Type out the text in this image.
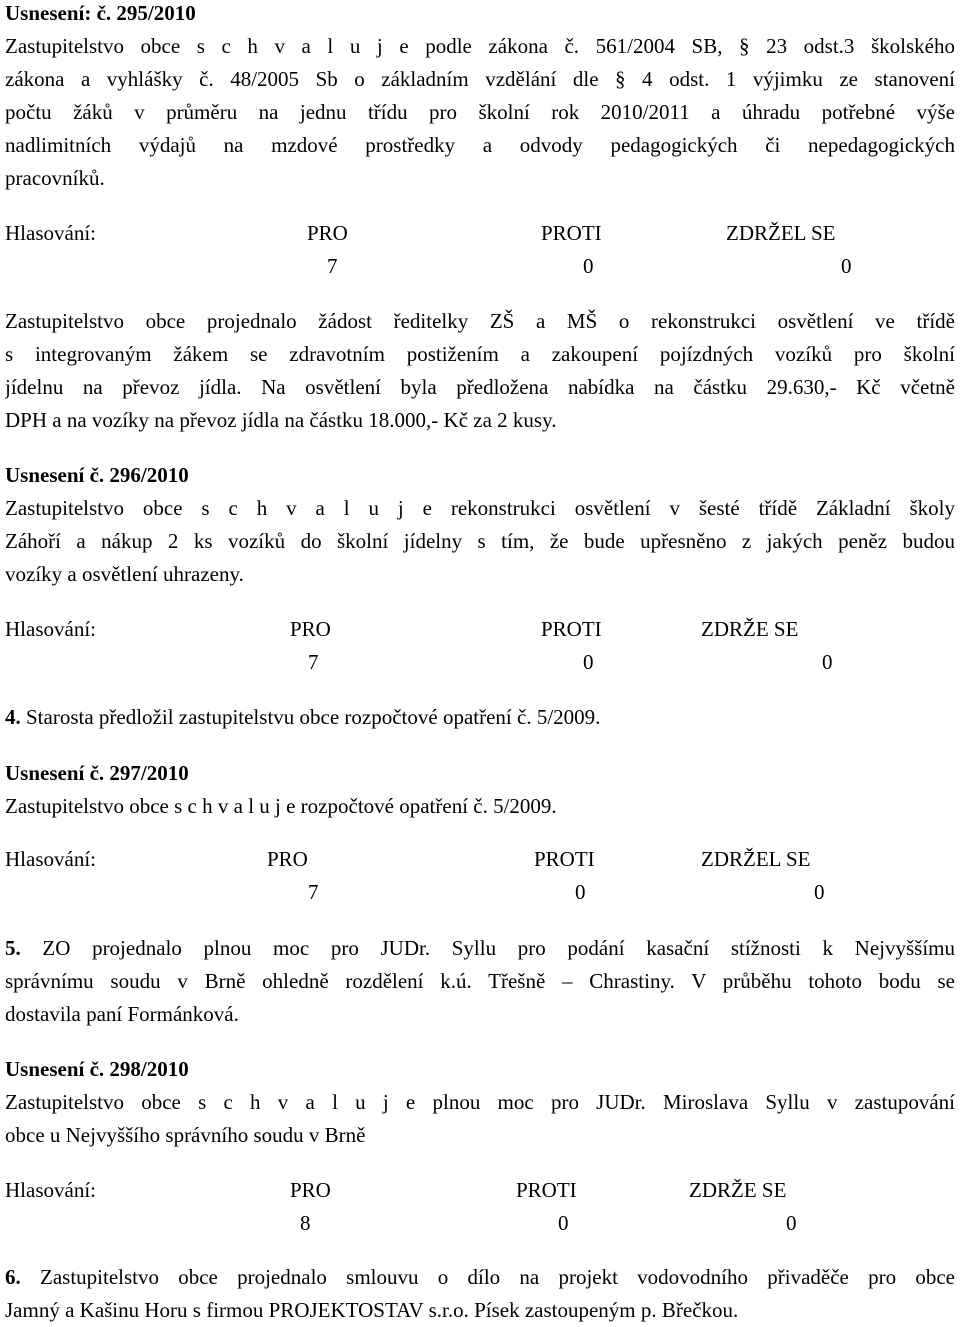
Usnesení: č. 295/2010
Zastupitelstvo obce s c h v a l u j e podle zákona č. 561/2004 SB, § 23 odst.3 školského
zákona a vyhlášky č. 48/2005 Sb o základním vzdělání dle § 4 odst. 1 výjimku ze stanovení
počtu žáků v průměru na jednu třídu pro školní rok 2010/2011 a úhradu potřebné výše
nadlimitních výdajů na mzdové prostředky a odvody pedagogických či nepedagogických
pracovníků.
Hlasování:	PRO	PROTI	ZDRŽEL SE
7	0	0
Zastupitelstvo obce projednalo žádost ředitelky ZŠ a MŠ o rekonstrukci osvětlení ve třídě
s integrovaným žákem se zdravotním postižením a zakoupení pojízdných vozíků pro školní
jídelnu na převoz jídla. Na osvětlení byla předložena nabídka na částku 29.630,- Kč včetně
DPH a na vozíky na převoz jídla na částku 18.000,- Kč za 2 kusy.
Usnesení č. 296/2010
Zastupitelstvo obce s c h v a l u j e rekonstrukci osvětlení v šesté třídě Základní školy
Záhoří a nákup 2 ks vozíků do školní jídelny s tím, že bude upřesněno z jakých peněz budou
vozíky a osvětlení uhrazeny.
Hlasování:	PRO	PROTI	ZDRŽE SE
7	0	0
4. Starosta předložil zastupitelstvu obce rozpočtové opatření č. 5/2009.
Usnesení č. 297/2010
Zastupitelstvo obce s c h v a l u j e rozpočtové opatření č. 5/2009.
Hlasování:	PRO	PROTI	ZDRŽEL SE
7	0	0
5. ZO projednalo plnou moc pro JUDr. Syllu pro podání kasační stížnosti k Nejvyššímu
správnímu soudu v Brně ohledně rozdělení k.ú. Třešně – Chrastiny. V průběhu tohoto bodu se
dostavila paní Formánková.
Usnesení č. 298/2010
Zastupitelstvo obce s c h v a l u j e plnou moc pro JUDr. Miroslava Syllu v zastupování
obce u Nejvyššího správního soudu v Brně
Hlasování:	PRO	PROTI	ZDRŽE SE
8	0	0
6. Zastupitelstvo obce projednalo smlouvu o dílo na projekt vodovodního přivaděče pro obce
Jamný a Kašinu Horu s firmou PROJEKTOSTAV s.r.o. Písek zastoupeným p. Břečkou.
